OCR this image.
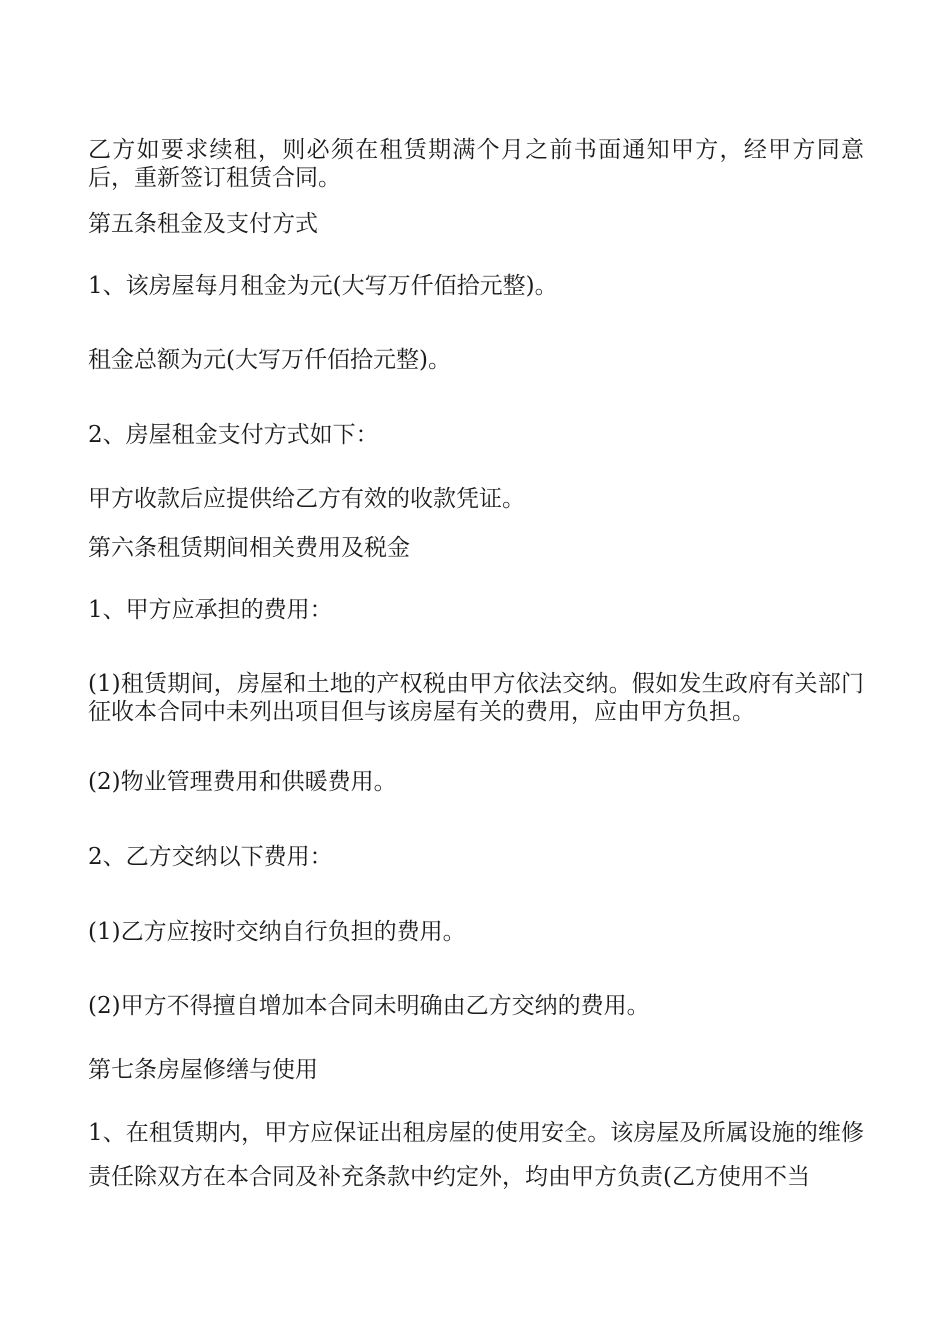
乙方如要求续租，则必须在租赁期满个月之前书面通知甲方，经甲方同意后，重新签订租赁合同。
第五条租金及支付方式
1、该房屋每月租金为元(大写万仟佰拾元整)。
租金总额为元(大写万仟佰拾元整)。
2、房屋租金支付方式如下：
甲方收款后应提供给乙方有效的收款凭证。
第六条租赁期间相关费用及税金
1、甲方应承担的费用：
(1)租赁期间，房屋和土地的产权税由甲方依法交纳。假如发生政府有关部门征收本合同中未列出项目但与该房屋有关的费用，应由甲方负担。
(2)物业管理费用和供暖费用。
2、乙方交纳以下费用：
(1)乙方应按时交纳自行负担的费用。
(2)甲方不得擅自增加本合同未明确由乙方交纳的费用。
第七条房屋修缮与使用
1、在租赁期内，甲方应保证出租房屋的使用安全。该房屋及所属设施的维修责任除双方在本合同及补充条款中约定外，均由甲方负责(乙方使用不当
